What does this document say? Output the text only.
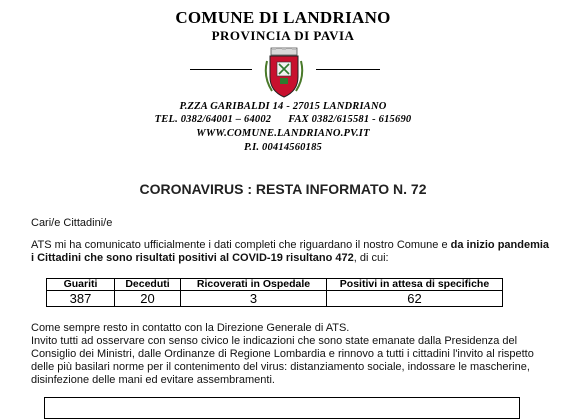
COMUNE DI LANDRIANO
PROVINCIA DI PAVIA
P.ZZA GARIBALDI 14 - 27015 LANDRIANO
TEL. 0382/64001 – 64002      FAX 0382/615581 - 615690
WWW.COMUNE.LANDRIANO.PV.IT
P.I. 00414560185
CORONAVIRUS : RESTA INFORMATO N. 72
Cari/e Cittadini/e
ATS mi ha comunicato ufficialmente i dati completi che riguardano il nostro Comune e da inizio pandemia i Cittadini che sono risultati positivi al COVID-19 risultano 472, di cui:
Guariti	Deceduti	Ricoverati in Ospedale	Positivi in attesa di specifiche
387	20	3	62
Come sempre resto in contatto con la Direzione Generale di ATS.
Invito tutti ad osservare con senso civico le indicazioni che sono state emanate dalla Presidenza del Consiglio dei Ministri, dalle Ordinanze di Regione Lombardia e rinnovo a tutti i cittadini l'invito al rispetto delle più basilari norme per il contenimento del virus: distanziamento sociale, indossare le mascherine, disinfezione delle mani ed evitare assembramenti.
